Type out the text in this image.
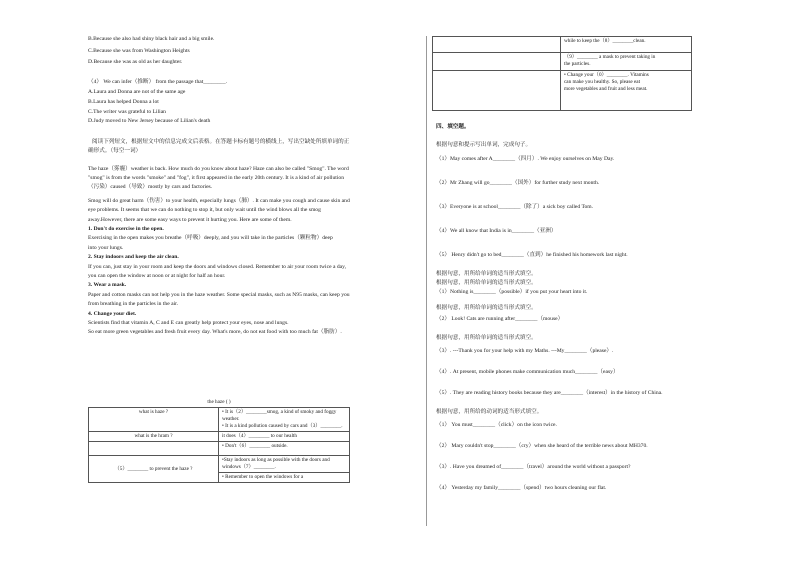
B.Because she also had shiny black hair and a big smile.
C.Because she was from Washington Heights
D.Because she was as old as her daughter.
（4） We can infer（推断） from the passage that________.
A.Laura and Donna are not of the same age
B.Laura has helped Donna a lot
C.The writer was grateful to Lilian
D.Judy moved to New Jersey because of Lilian's death
阅读下列短文，根据短文中的信息完成文后表格。在答题卡标有题号的横线上，写出空缺处所填单词的正
确形式。（每空一词）
The haze（雾霾）weather is back. How much do you know about haze? Haze can also be called "Smog". The word
"smog" is from the words "smoke" and "fog", it first appeared in the early 20th century. It is a kind of air pollution
（污染）caused（导致）mostly by cars and factories.
Smog will do great harm（伤害）to your health, especially lungs（肺）. It can make you cough and cause skin and
eye problems. It seems that we can do nothing to stop it, but only wait until the wind blows all the smog
away.However, there are some easy ways to prevent it hurting you. Here are some of them.
1. Don't do exercise in the open.
Exercising in the open makes you breathe（呼吸）deeply, and you will take in the particles（颗粒物）deep
into your lungs.
2. Stay indoors and keep the air clean.
If you can, just stay in your room and keep the doors and windows closed. Remember to air your room twice a day,
you can open the window at noon or at night for half an hour.
3. Wear a mask.
Paper and cotton masks can not help you in the haze weather. Some special masks, such as N95 masks, can keep you
from breathing in the particles in the air.
4. Change your diet.
Scientists find that vitamin A, C and E can greatly help protect your eyes, nose and lungs.
So eat more green vegetables and fresh fruit every day. What's more, do not eat food with too much fat（脂肪）.
the haze ( )	
what is haze ?	• It is（2）________smog, a kind of smoky and foggy weather.
• It is a kind pollution caused by cars and（3）________.

what is the hram ?	it does（4）________ to our health
	• Don't（6）________ outside.
（5）________ to prevent the haze ?	•Stay indoors as long as possible with the doors and windows（7）________.
	• Remember to open the windows for a
	while to keep the（8）________clean.

	（9）________ a mask to prevent taking in
the particles.

	• Change your（0）________. Vitamins
can make you healthy. So, please eat
more vegetables and fruit and less meat.
四、填空题。
根据句意和提示写出单词，完成句子。
（1）May comes after A________（四月）. We enjoy ourselves on May Day.
（2）Mr Zhang will go________（国外）for further study next month.
（3）Everyone is at school________（除了）a sick boy called Tom.
（4）We all know that India is in________（亚洲）
（5） Henry didn't go to bed________（直到）he finished his homework last night.
根据句意，用所给单词的适当形式填空。
根据句意，用所给单词的适当形式填空。
（1）Nothing is________（possible）if you put your heart into it.
根据句意，用所给单词的适当形式填空。
（2） Look! Cats are running after________（mouse）
根据句意，用所给单词的适当形式填空。
（3）. ---Thank you for your help with my Maths. ---My________（please）.
（4）. At present, mobile phones make communication much________（easy）
（5）. They are reading history books because they are________（interest）in the history of China.
根据句意，用所给的动词的适当形式填空。
（1） You must________（click）on the icon twice.
（2） Mary couldn't stop________（cry）when she heard of the terrible news about MH370.
（3）. Have you dreamed of________（travel）around the world without a passport?
（4） Yesterday my family________（spend）two hours cleaning our flat.
